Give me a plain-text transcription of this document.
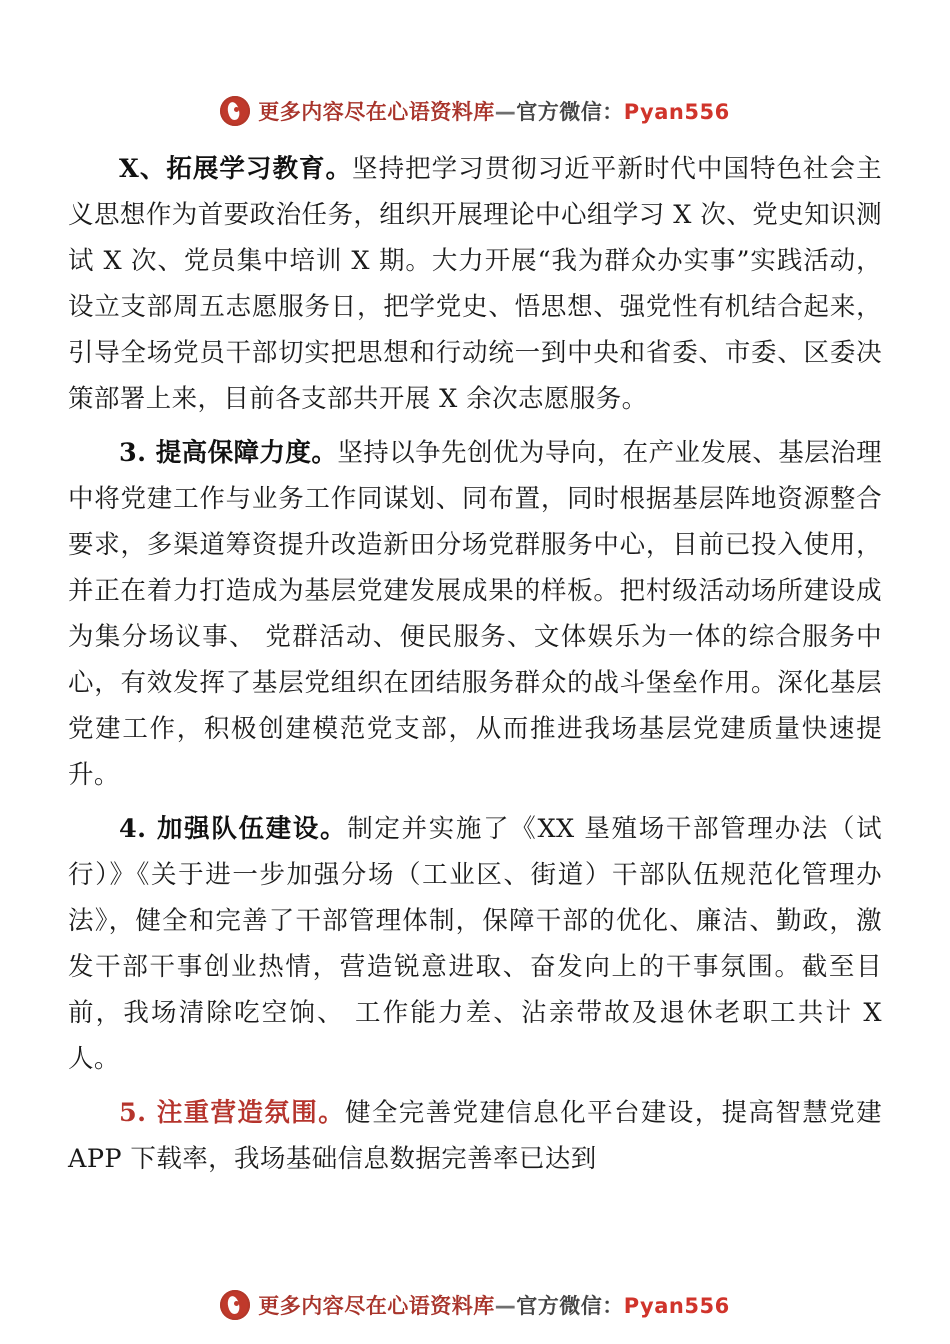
更多内容尽在心语资料库—官方微信：Pyan556

X、拓展学习教育。坚持把学习贯彻习近平新时代中国特色社会主义思想作为首要政治任务，组织开展理论中心组学习 X 次、党史知识测试 X 次、党员集中培训 X 期。大力开展“我为群众办实事”实践活动，设立支部周五志愿服务日，把学党史、悟思想、强党性有机结合起来，引导全场党员干部切实把思想和行动统一到中央和省委、市委、区委决策部署上来，目前各支部共开展 X 余次志愿服务。

3. 提高保障力度。坚持以争先创优为导向，在产业发展、基层治理中将党建工作与业务工作同谋划、同布置，同时根据基层阵地资源整合要求，多渠道筹资提升改造新田分场党群服务中心，目前已投入使用，并正在着力打造成为基层党建发展成果的样板。把村级活动场所建设成为集分场议事、 党群活动、便民服务、文体娱乐为一体的综合服务中心，有效发挥了基层党组织在团结服务群众的战斗堡垒作用。深化基层党建工作，积极创建模范党支部，从而推进我场基层党建质量快速提升。

4. 加强队伍建设。制定并实施了《XX 垦殖场干部管理办法（试行）》《关于进一步加强分场（工业区、街道）干部队伍规范化管理办法》，健全和完善了干部管理体制，保障干部的优化、廉洁、勤政，激发干部干事创业热情，营造锐意进取、奋发向上的干事氛围。截至目前，我场清除吃空饷、 工作能力差、沾亲带故及退休老职工共计 X 人。

5. 注重营造氛围。健全完善党建信息化平台建设，提高智慧党建 APP 下载率，我场基础信息数据完善率已达到

更多内容尽在心语资料库—官方微信：Pyan556
